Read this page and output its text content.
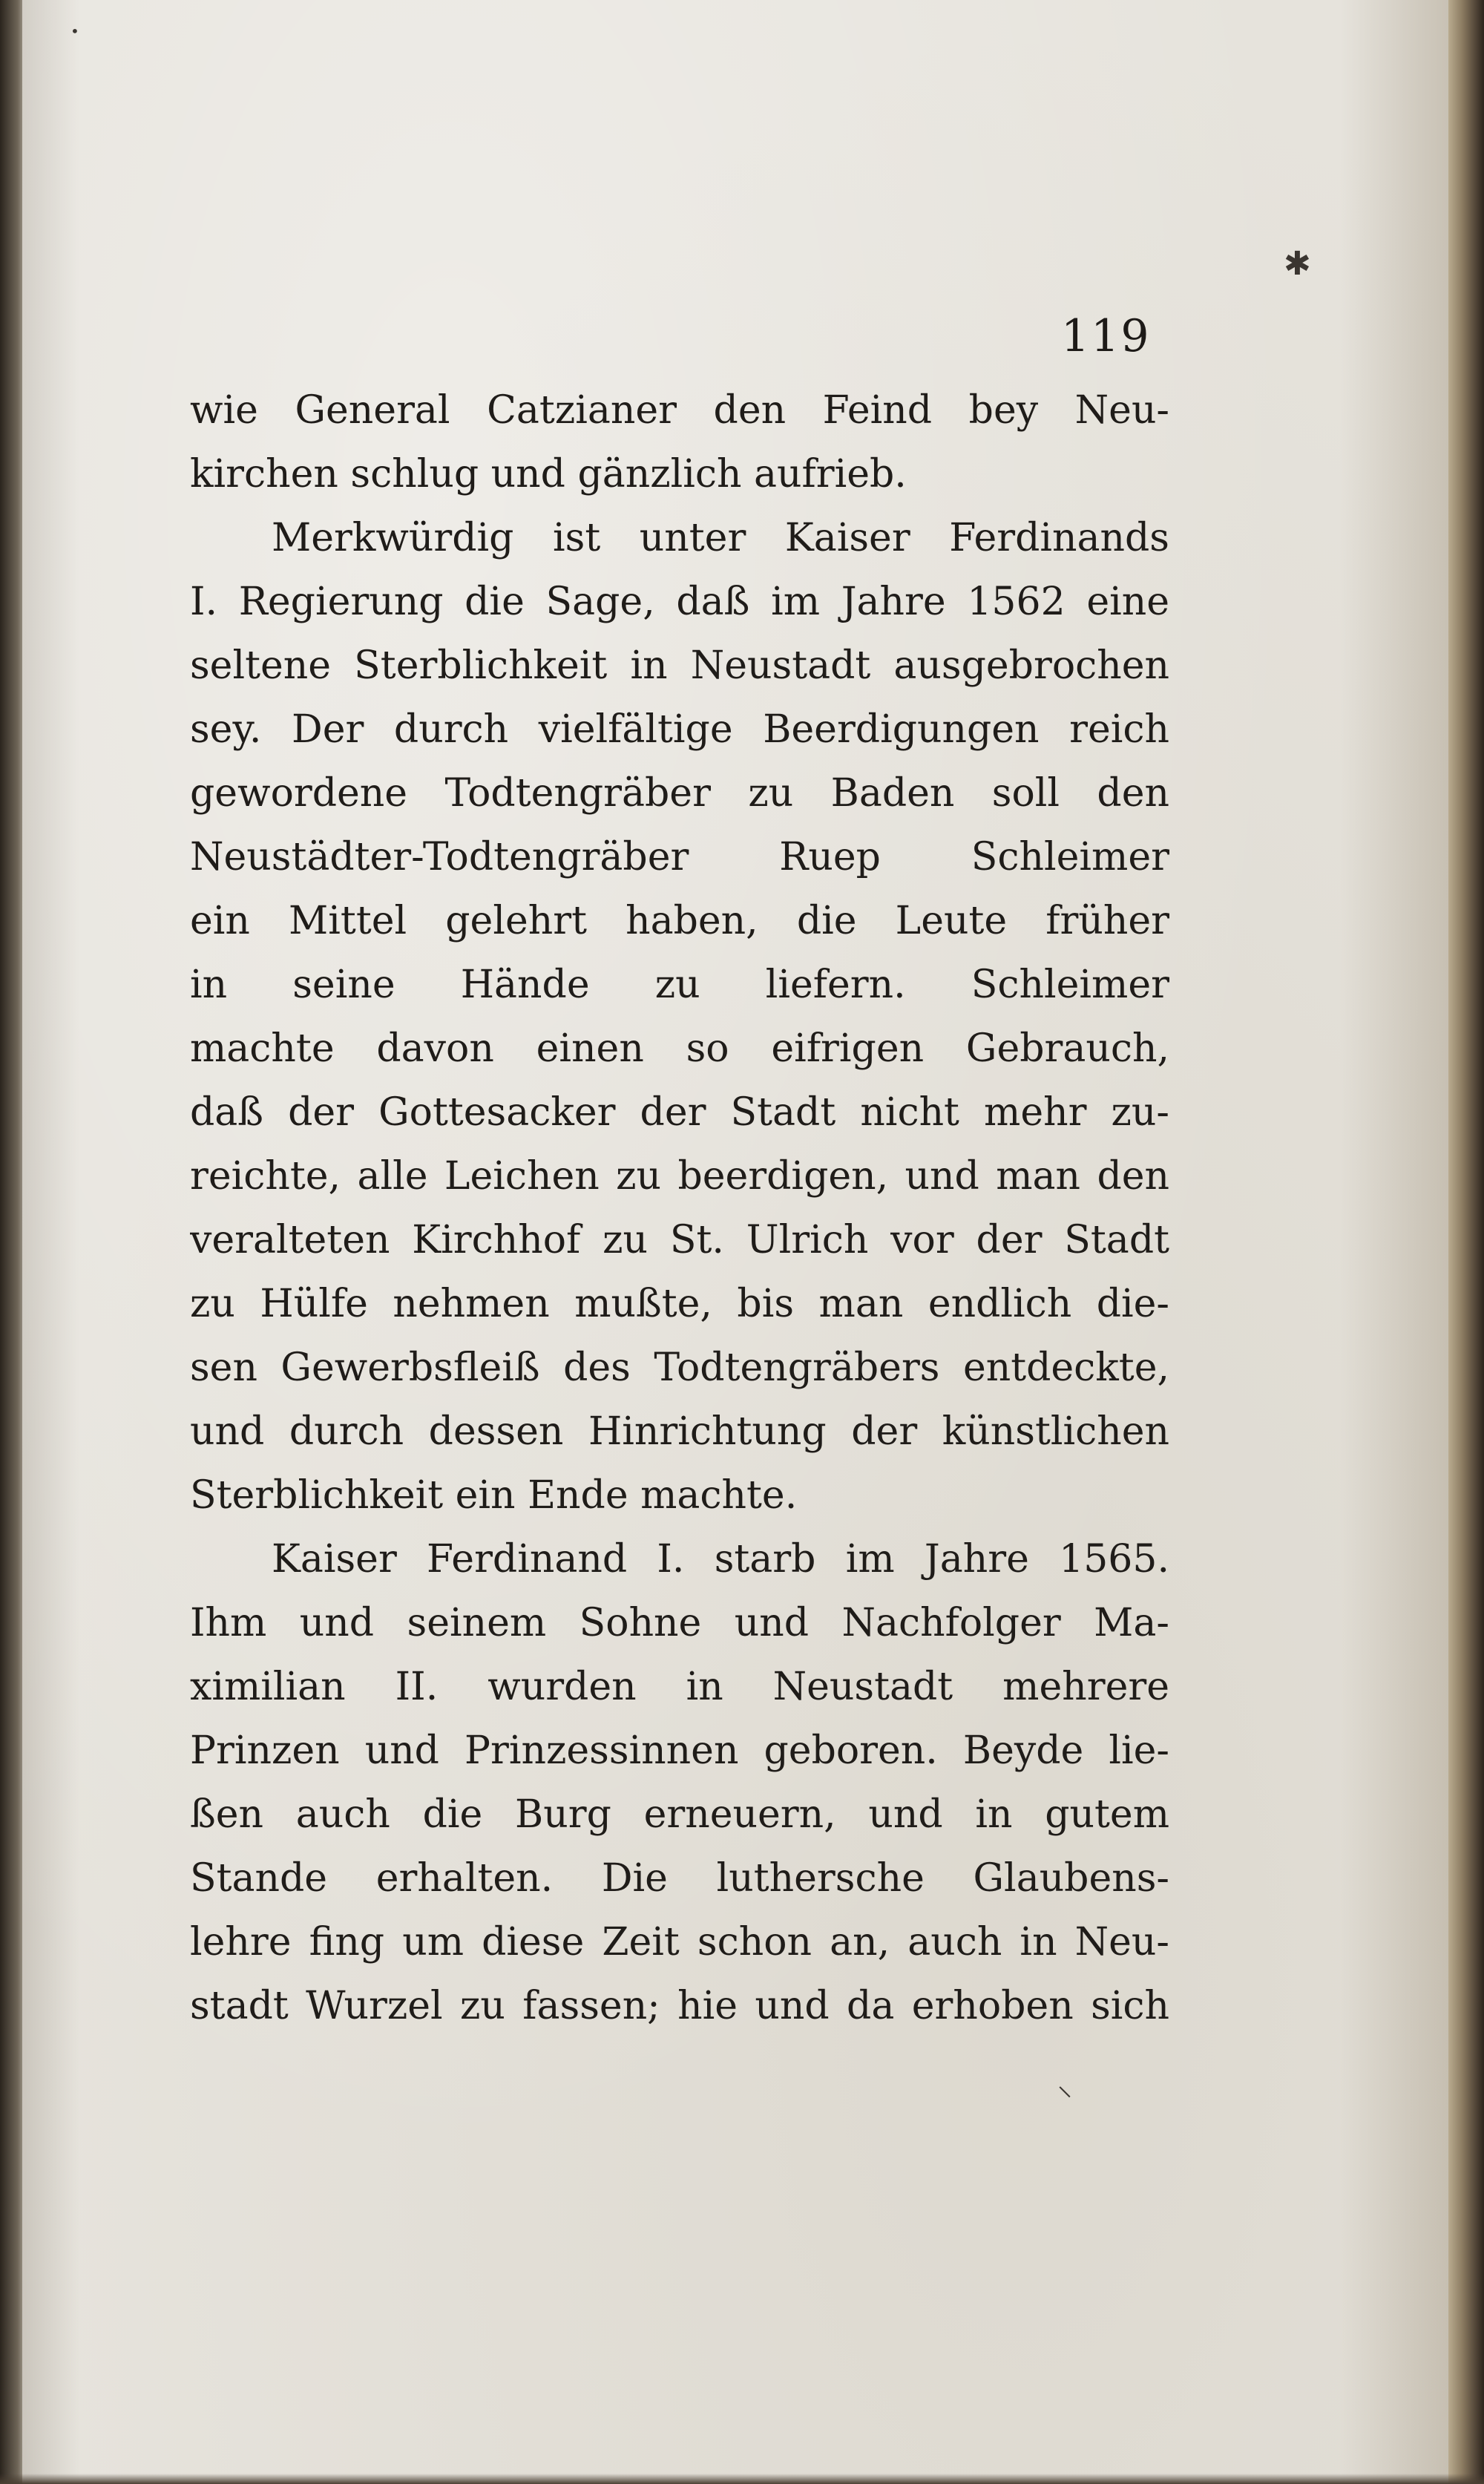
✱
•
⸜
119
wie General Catzianer den Feind bey Neu-
kirchen schlug und gänzlich aufrieb.
Merkwürdig ist unter Kaiser Ferdinands
I. Regierung die Sage, daß im Jahre 1562 eine
seltene Sterblichkeit in Neustadt ausgebrochen
sey. Der durch vielfältige Beerdigungen reich
gewordene Todtengräber zu Baden soll den
Neustädter-Todtengräber Ruep Schleimer
ein Mittel gelehrt haben, die Leute früher
in seine Hände zu liefern. Schleimer
machte davon einen so eifrigen Gebrauch,
daß der Gottesacker der Stadt nicht mehr zu-
reichte, alle Leichen zu beerdigen, und man den
veralteten Kirchhof zu St. Ulrich vor der Stadt
zu Hülfe nehmen mußte, bis man endlich die-
sen Gewerbsfleiß des Todtengräbers entdeckte,
und durch dessen Hinrichtung der künstlichen
Sterblichkeit ein Ende machte.
Kaiser Ferdinand I. starb im Jahre 1565.
Ihm und seinem Sohne und Nachfolger Ma-
ximilian II. wurden in Neustadt mehrere
Prinzen und Prinzessinnen geboren. Beyde lie-
ßen auch die Burg erneuern, und in gutem
Stande erhalten. Die luthersche Glaubens-
lehre fing um diese Zeit schon an, auch in Neu-
stadt Wurzel zu fassen; hie und da erhoben sich
